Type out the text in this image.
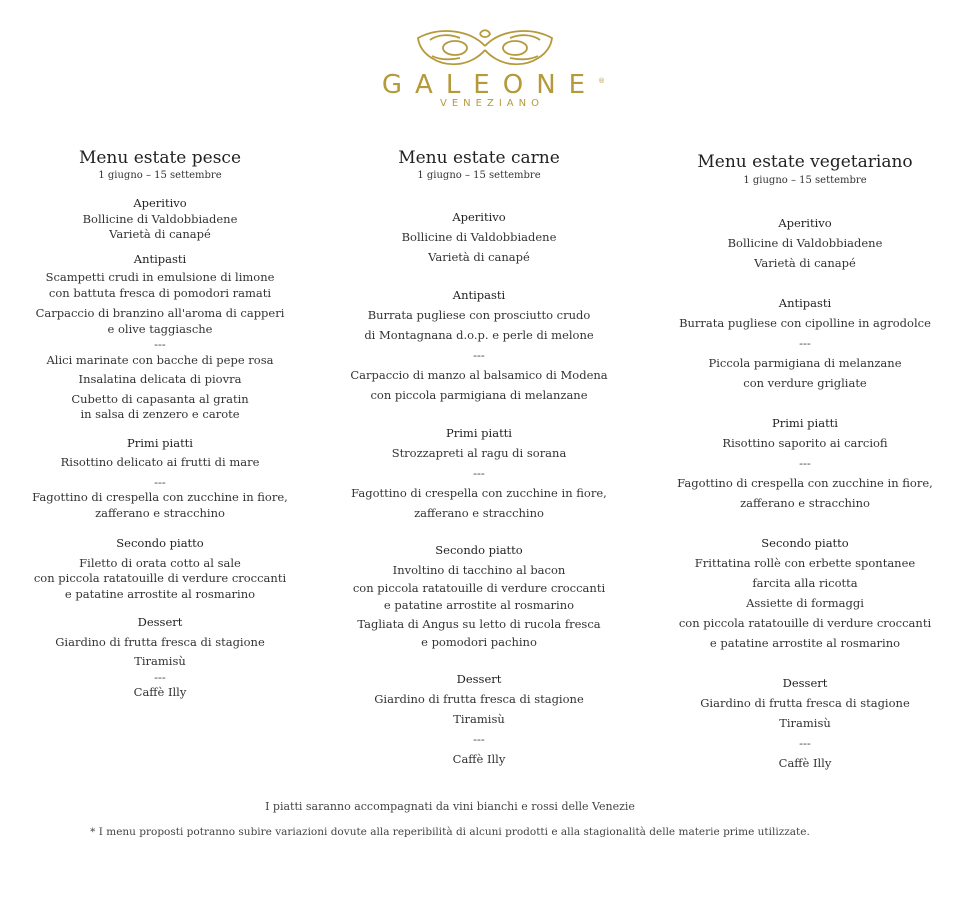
GALEONE ®
VENEZIANO
Menu estate pesce
1 giugno – 15 settembre
Aperitivo
Bollicine di Valdobbiadene
Varietà di canapé
Antipasti
Scampetti crudi in emulsione di limone
con battuta fresca di pomodori ramati
Carpaccio di branzino all'aroma di capperi
e olive taggiasche
---
Alici marinate con bacche di pepe rosa
Insalatina delicata di piovra
Cubetto di capasanta al gratin
in salsa di zenzero e carote
Primi piatti
Risottino delicato ai frutti di mare
---
Fagottino di crespella con zucchine in fiore,
zafferano e stracchino
Secondo piatto
Filetto di orata cotto al sale
con piccola ratatouille di verdure croccanti
e patatine arrostite al rosmarino
Dessert
Giardino di frutta fresca di stagione
Tiramisù
---
Caffè Illy
Menu estate carne
1 giugno – 15 settembre
Aperitivo
Bollicine di Valdobbiadene
Varietà di canapé
Antipasti
Burrata pugliese con prosciutto crudo
di Montagnana d.o.p. e perle di melone
---
Carpaccio di manzo al balsamico di Modena
con piccola parmigiana di melanzane
Primi piatti
Strozzapreti al ragu di sorana
---
Fagottino di crespella con zucchine in fiore,
zafferano e stracchino
Secondo piatto
Involtino di tacchino al bacon
con piccola ratatouille di verdure croccanti
e patatine arrostite al rosmarino
Tagliata di Angus su letto di rucola fresca
e pomodori pachino
Dessert
Giardino di frutta fresca di stagione
Tiramisù
---
Caffè Illy
Menu estate vegetariano
1 giugno – 15 settembre
Aperitivo
Bollicine di Valdobbiadene
Varietà di canapé
Antipasti
Burrata pugliese con cipolline in agrodolce
---
Piccola parmigiana di melanzane
con verdure grigliate
Primi piatti
Risottino saporito ai carciofi
---
Fagottino di crespella con zucchine in fiore,
zafferano e stracchino
Secondo piatto
Frittatina rollè con erbette spontanee
farcita alla ricotta
Assiette di formaggi
con piccola ratatouille di verdure croccanti
e patatine arrostite al rosmarino
Dessert
Giardino di frutta fresca di stagione
Tiramisù
---
Caffè Illy
I piatti saranno accompagnati da vini bianchi e rossi delle Venezie
* I menu proposti potranno subire variazioni dovute alla reperibilità di alcuni prodotti e alla stagionalità delle materie prime utilizzate.
